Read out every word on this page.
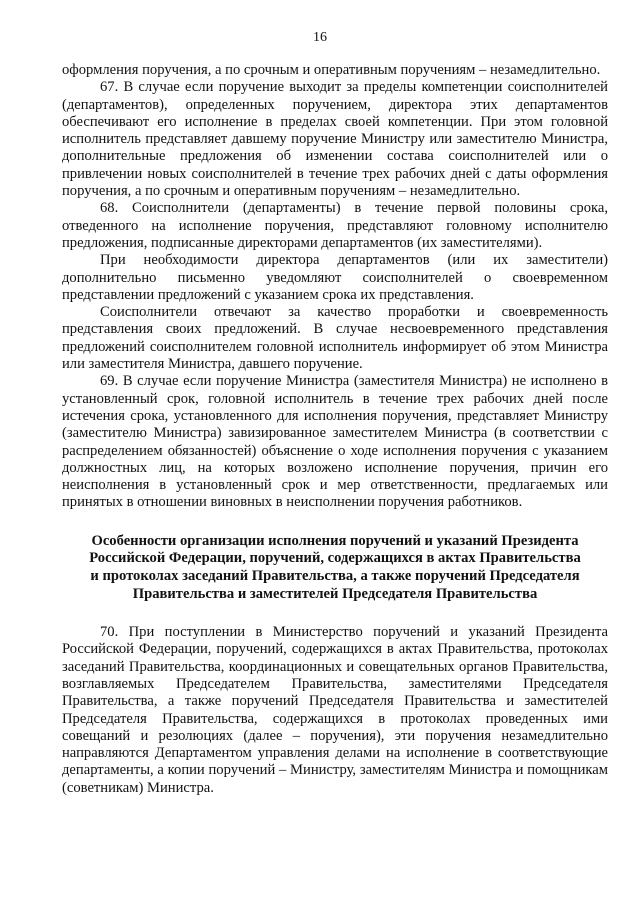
16

оформления поручения, а по срочным и оперативным поручениям – незамедлительно.

67. В случае если поручение выходит за пределы компетенции соисполнителей (департаментов), определенных поручением, директора этих департаментов обеспечивают его исполнение в пределах своей компетенции. При этом головной исполнитель представляет давшему поручение Министру или заместителю Министра, дополнительные предложения об изменении состава соисполнителей или о привлечении новых соисполнителей в течение трех рабочих дней с даты оформления поручения, а по срочным и оперативным поручениям – незамедлительно.

68. Соисполнители (департаменты) в течение первой половины срока, отведенного на исполнение поручения, представляют головному исполнителю предложения, подписанные директорами департаментов (их заместителями).

При необходимости директора департаментов (или их заместители) дополнительно письменно уведомляют соисполнителей о своевременном представлении предложений с указанием срока их представления.

Соисполнители отвечают за качество проработки и своевременность представления своих предложений. В случае несвоевременного представления предложений соисполнителем головной исполнитель информирует об этом Министра или заместителя Министра, давшего поручение.

69. В случае если поручение Министра (заместителя Министра) не исполнено в установленный срок, головной исполнитель в течение трех рабочих дней после истечения срока, установленного для исполнения поручения, представляет Министру (заместителю Министра) завизированное заместителем Министра (в соответствии с распределением обязанностей) объяснение о ходе исполнения поручения с указанием должностных лиц, на которых возложено исполнение поручения, причин его неисполнения в установленный срок и мер ответственности, предлагаемых или принятых в отношении виновных в неисполнении поручения работников.

Особенности организации исполнения поручений и указаний Президента
Российской Федерации, поручений, содержащихся в актах Правительства
и протоколах заседаний Правительства, а также поручений Председателя
Правительства и заместителей Председателя Правительства

70. При поступлении в Министерство поручений и указаний Президента Российской Федерации, поручений, содержащихся в актах Правительства, протоколах заседаний Правительства, координационных и совещательных органов Правительства, возглавляемых Председателем Правительства, заместителями Председателя Правительства, а также поручений Председателя Правительства и заместителей Председателя Правительства, содержащихся в протоколах проведенных ими совещаний и резолюциях (далее – поручения), эти поручения незамедлительно направляются Департаментом управления делами на исполнение в соответствующие департаменты, а копии поручений – Министру, заместителям Министра и помощникам (советникам) Министра.
